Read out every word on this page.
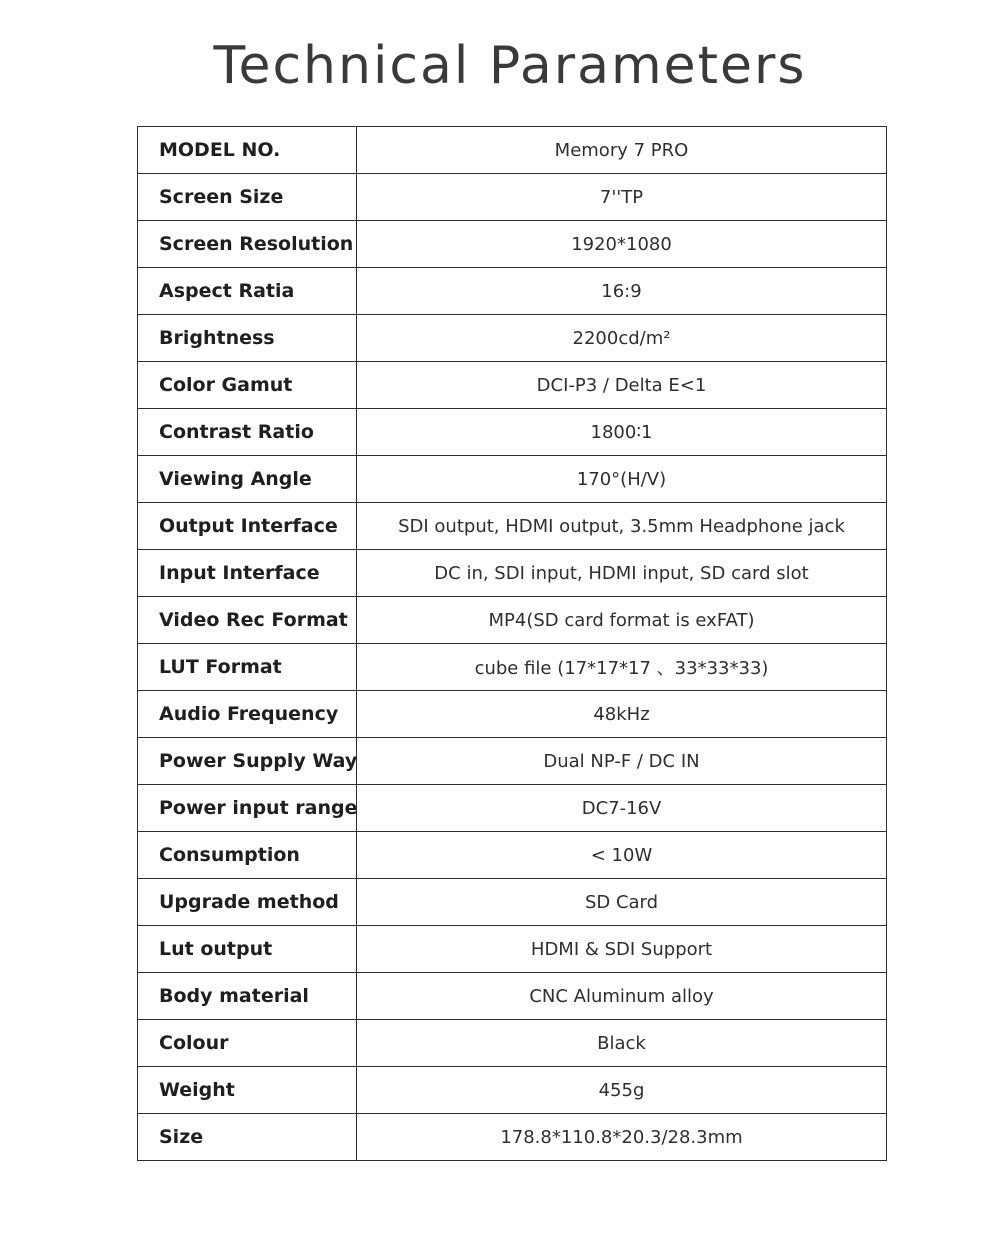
Technical Parameters
MODEL NO.	Memory 7 PRO
Screen Size	7''TP
Screen Resolution	1920*1080
Aspect Ratia	16:9
Brightness	2200cd/m²
Color Gamut	DCI-P3 / Delta E<1
Contrast Ratio	1800∶1
Viewing Angle	170°(H/V)
Output Interface	SDI output, HDMI output, 3.5mm Headphone jack
Input Interface	DC in, SDI input, HDMI input, SD card slot
Video Rec Format	MP4(SD card format is exFAT)
LUT Format	cube file (17*17*17 、33*33*33)
Audio Frequency	48kHz
Power Supply Way	Dual NP-F / DC IN
Power input range	DC7-16V
Consumption	< 10W
Upgrade method	SD Card
Lut output	HDMI & SDI Support
Body material	CNC Aluminum alloy
Colour	Black
Weight	455g
Size	178.8*110.8*20.3/28.3mm
